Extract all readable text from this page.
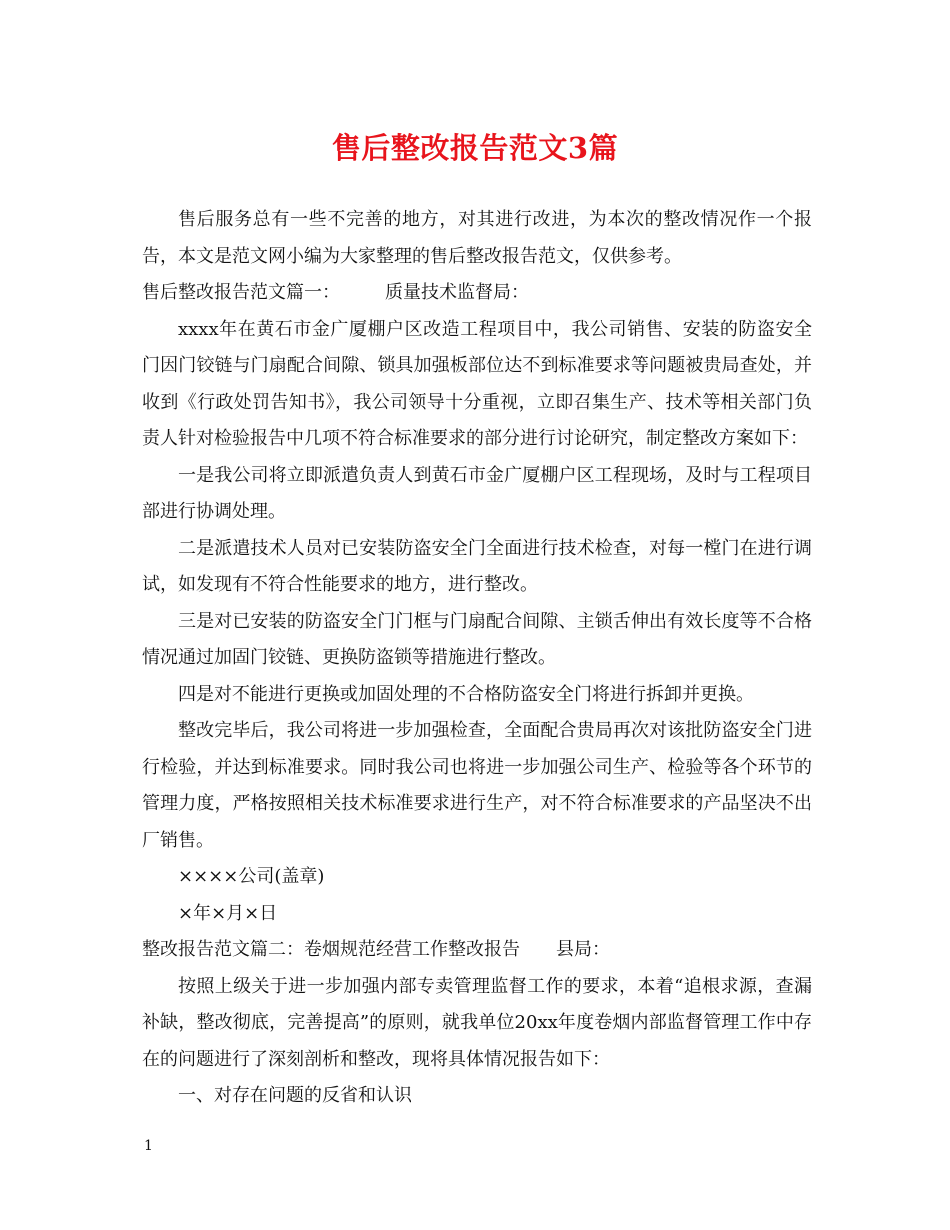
售后整改报告范文3篇

售后服务总有一些不完善的地方，对其进行改进，为本次的整改情况作一个报告，本文是范文网小编为大家整理的售后整改报告范文，仅供参考。

售后整改报告范文篇一：　　　质量技术监督局：

xxxx年在黄石市金广厦棚户区改造工程项目中，我公司销售、安装的防盗安全门因门铰链与门扇配合间隙、锁具加强板部位达不到标准要求等问题被贵局查处，并收到《行政处罚告知书》，我公司领导十分重视，立即召集生产、技术等相关部门负责人针对检验报告中几项不符合标准要求的部分进行讨论研究，制定整改方案如下：

一是我公司将立即派遣负责人到黄石市金广厦棚户区工程现场，及时与工程项目部进行协调处理。

二是派遣技术人员对已安装防盗安全门全面进行技术检查，对每一樘门在进行调试，如发现有不符合性能要求的地方，进行整改。

三是对已安装的防盗安全门门框与门扇配合间隙、主锁舌伸出有效长度等不合格情况通过加固门铰链、更换防盗锁等措施进行整改。

四是对不能进行更换或加固处理的不合格防盗安全门将进行拆卸并更换。

整改完毕后，我公司将进一步加强检查，全面配合贵局再次对该批防盗安全门进行检验，并达到标准要求。同时我公司也将进一步加强公司生产、检验等各个环节的管理力度，严格按照相关技术标准要求进行生产，对不符合标准要求的产品坚决不出厂销售。

××××公司(盖章)

×年×月×日

整改报告范文篇二：卷烟规范经营工作整改报告　　县局：

按照上级关于进一步加强内部专卖管理监督工作的要求，本着“追根求源，查漏补缺，整改彻底，完善提高”的原则，就我单位20xx年度卷烟内部监督管理工作中存在的问题进行了深刻剖析和整改，现将具体情况报告如下：

一、对存在问题的反省和认识

1
